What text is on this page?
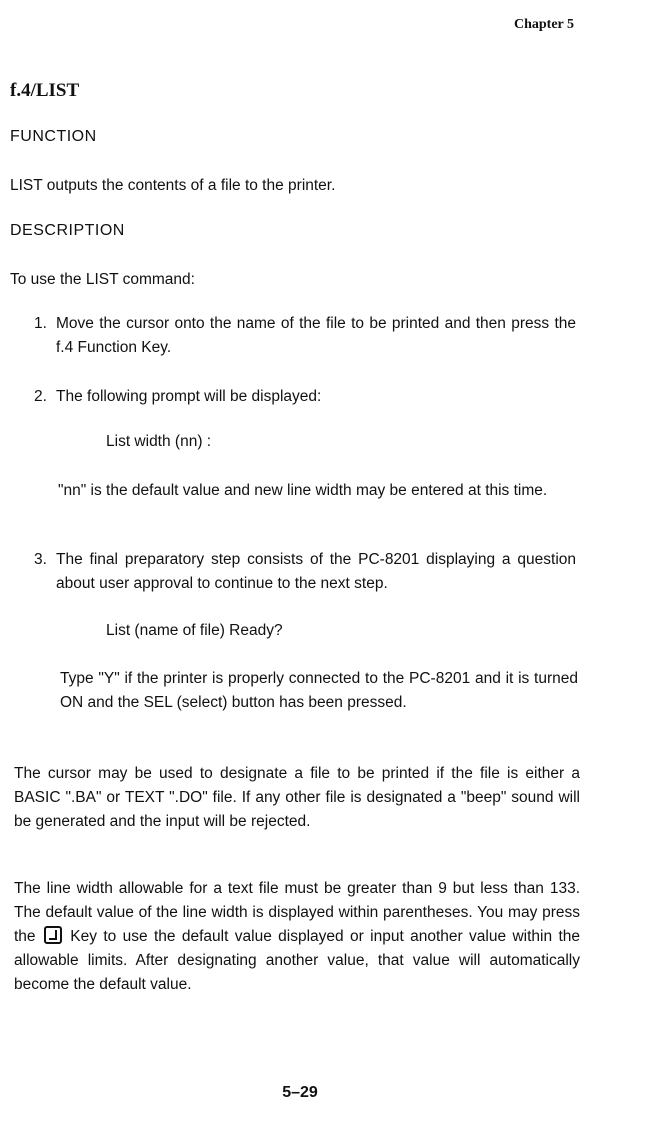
Chapter 5
f.4/LIST
FUNCTION
LIST outputs the contents of a file to the printer.
DESCRIPTION
To use the LIST command:
1. Move the cursor onto the name of the file to be printed and then press the f.4 Function Key.
2. The following prompt will be displayed:
List width (nn) :
"nn" is the default value and new line width may be entered at this time.
3. The final preparatory step consists of the PC-8201 displaying a question about user approval to continue to the next step.
List (name of file) Ready?
Type "Y" if the printer is properly connected to the PC-8201 and it is turned ON and the SEL (select) button has been pressed.
The cursor may be used to designate a file to be printed if the file is either a BASIC ".BA" or TEXT ".DO" file. If any other file is designated a "beep" sound will be generated and the input will be rejected.
The line width allowable for a text file must be greater than 9 but less than 133. The default value of the line width is displayed within parentheses. You may press the Key to use the default value displayed or input another value within the allowable limits. After designating another value, that value will automatically become the default value.
5–29
